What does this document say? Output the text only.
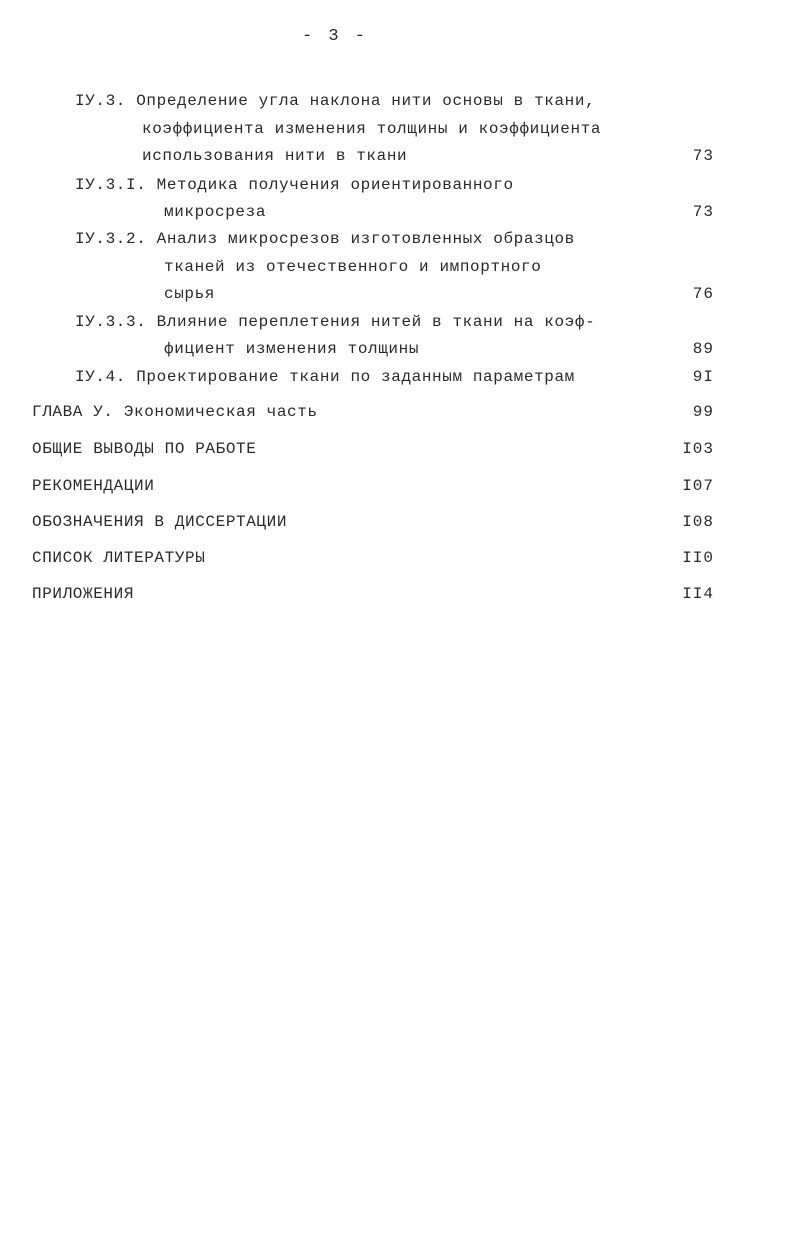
- 3 -
IУ.3. Определение угла наклона нити основы в ткани,
коэффициента изменения толщины и коэффициента
использования нити в ткани	73
IУ.3.I. Методика получения ориентированного
микросреза	73
IУ.3.2. Анализ микросрезов изготовленных образцов
тканей из отечественного и импортного
сырья	76
IУ.3.3. Влияние переплетения нитей в ткани на коэф-
фициент изменения толщины	89
IУ.4. Проектирование ткани по заданным параметрам	9I
ГЛАВА У. Экономическая часть	99
ОБЩИЕ ВЫВОДЫ ПО РАБОТЕ	I03
РЕКОМЕНДАЦИИ	I07
ОБОЗНАЧЕНИЯ В ДИССЕРТАЦИИ	I08
СПИСОК ЛИТЕРАТУРЫ	II0
ПРИЛОЖЕНИЯ	II4
